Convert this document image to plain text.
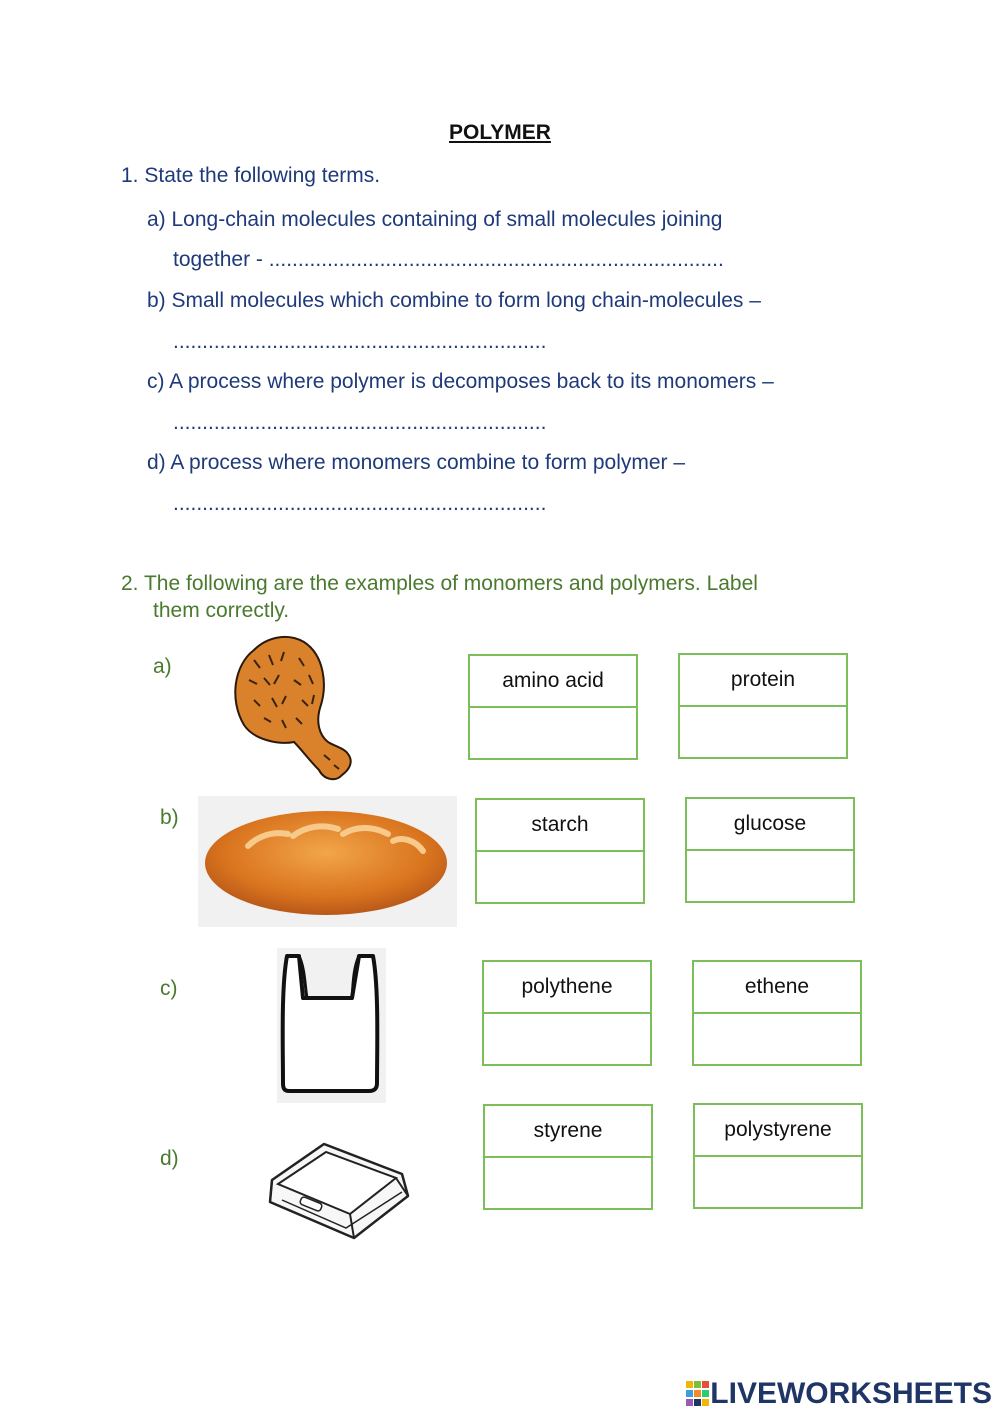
POLYMER
1. State the following terms.
a) Long-chain molecules containing of small molecules joining
together - ..............................................................................
b) Small molecules which combine to form long chain-molecules –
................................................................
c) A process where polymer is decomposes back to its monomers –
................................................................
d) A process where monomers combine to form polymer –
................................................................
2. The following are the examples of monomers and polymers. Label
them correctly.
a)
amino acid	protein
b)	starch	glucose
c)	polythene	ethene
d)
styrene	polystyrene
LIVEWORKSHEETS
